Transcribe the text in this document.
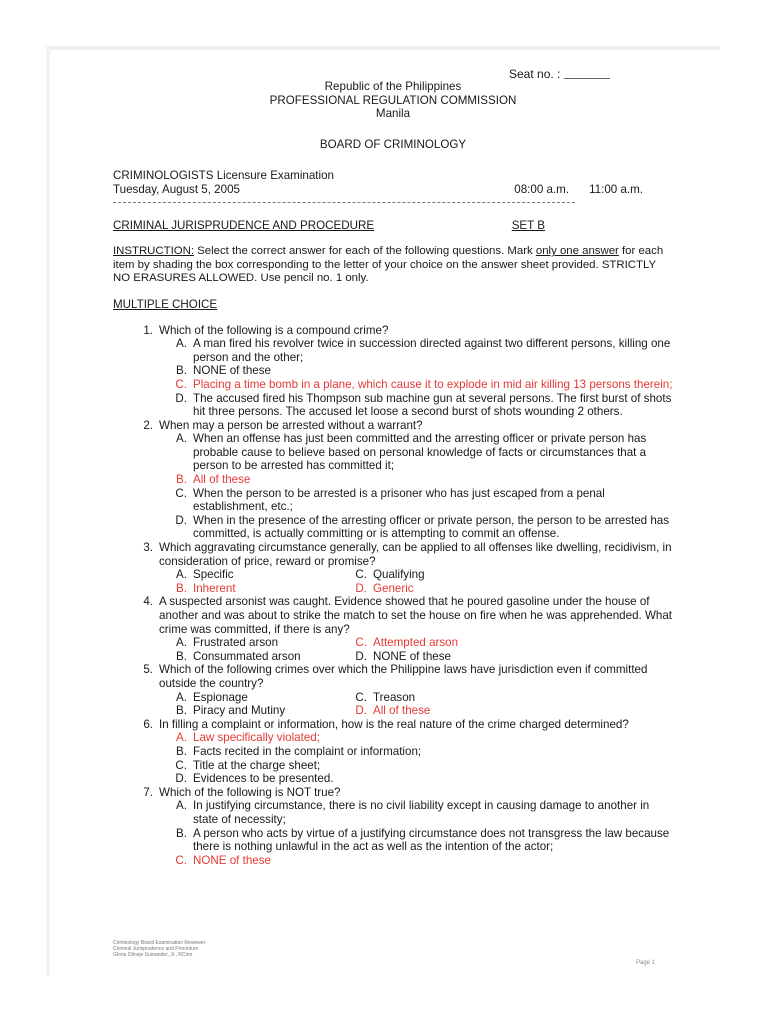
Seat no. :
Republic of the Philippines
PROFESSIONAL REGULATION COMMISSION
Manila
BOARD OF CRIMINOLOGY
CRIMINOLOGISTS Licensure Examination
Tuesday, August 5, 2005	08:00 a.m. 11:00 a.m.
CRIMINAL JURISPRUDENCE AND PROCEDURE	SET B
INSTRUCTION: Select the correct answer for each of the following questions. Mark only one answer for each item by shading the box corresponding to the letter of your choice on the answer sheet provided. STRICTLY NO ERASURES ALLOWED. Use pencil no. 1 only.
MULTIPLE CHOICE
1. Which of the following is a compound crime?
A. A man fired his revolver twice in succession directed against two different persons, killing one person and the other;
B. NONE of these
C. Placing a time bomb in a plane, which cause it to explode in mid air killing 13 persons therein;
D. The accused fired his Thompson sub machine gun at several persons. The first burst of shots hit three persons. The accused let loose a second burst of shots wounding 2 others.
2. When may a person be arrested without a warrant?
A. When an offense has just been committed and the arresting officer or private person has probable cause to believe based on personal knowledge of facts or circumstances that a person to be arrested has committed it;
B. All of these
C. When the person to be arrested is a prisoner who has just escaped from a penal establishment, etc.;
D. When in the presence of the arresting officer or private person, the person to be arrested has committed, is actually committing or is attempting to commit an offense.
3. Which aggravating circumstance generally, can be applied to all offenses like dwelling, recidivism, in consideration of price, reward or promise?
A. Specific	C. Qualifying
B. Inherent	D. Generic
4. A suspected arsonist was caught. Evidence showed that he poured gasoline under the house of another and was about to strike the match to set the house on fire when he was apprehended. What crime was committed, if there is any?
A. Frustrated arson	C. Attempted arson
B. Consummated arson	D. NONE of these
5. Which of the following crimes over which the Philippine laws have jurisdiction even if committed outside the country?
A. Espionage	C. Treason
B. Piracy and Mutiny	D. All of these
6. In filling a complaint or information, how is the real nature of the crime charged determined?
A. Law specifically violated;
B. Facts recited in the complaint or information;
C. Title at the charge sheet;
D. Evidences to be presented.
7. Which of the following is NOT true?
A. In justifying circumstance, there is no civil liability except in causing damage to another in state of necessity;
B. A person who acts by virtue of a justifying circumstance does not transgress the law because there is nothing unlawful in the act as well as the intention of the actor;
C. NONE of these
Criminology Board Examination Reviewer
Criminal Jurisprudence and Procedure
Gloria Olinejo Sumander, Jr., RCrim
Page 1
